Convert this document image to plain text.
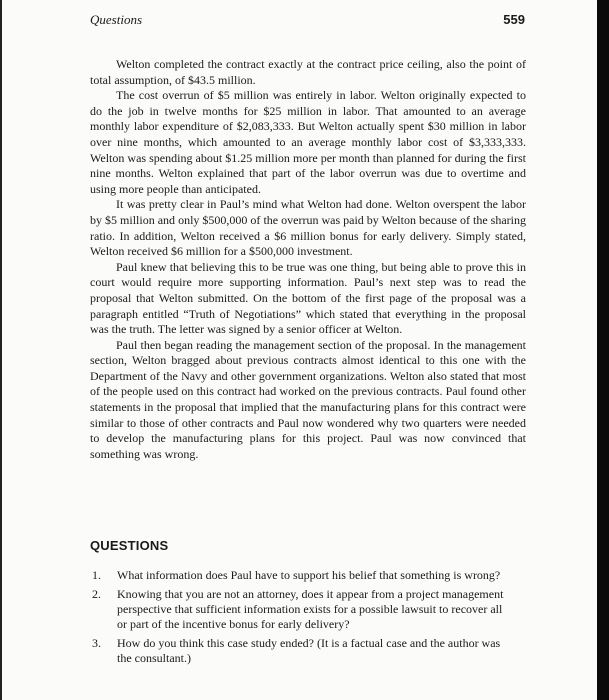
Questions	559

Welton completed the contract exactly at the contract price ceiling, also the point of total assumption, of $43.5 million.

The cost overrun of $5 million was entirely in labor. Welton originally expected to do the job in twelve months for $25 million in labor. That amounted to an average monthly labor expenditure of $2,083,333. But Welton actually spent $30 million in labor over nine months, which amounted to an average monthly labor cost of $3,333,333. Welton was spending about $1.25 million more per month than planned for during the first nine months. Welton explained that part of the labor overrun was due to overtime and using more people than anticipated.

It was pretty clear in Paul’s mind what Welton had done. Welton overspent the labor by $5 million and only $500,000 of the overrun was paid by Welton because of the sharing ratio. In addition, Welton received a $6 million bonus for early delivery. Simply stated, Welton received $6 million for a $500,000 investment.

Paul knew that believing this to be true was one thing, but being able to prove this in court would require more supporting information. Paul’s next step was to read the proposal that Welton submitted. On the bottom of the first page of the proposal was a paragraph entitled “Truth of Negotiations” which stated that everything in the proposal was the truth. The letter was signed by a senior officer at Welton.

Paul then began reading the management section of the proposal. In the management section, Welton bragged about previous contracts almost identical to this one with the Department of the Navy and other government organizations. Welton also stated that most of the people used on this contract had worked on the previous contracts. Paul found other statements in the proposal that implied that the manufacturing plans for this contract were similar to those of other contracts and Paul now wondered why two quarters were needed to develop the manufacturing plans for this project. Paul was now convinced that something was wrong.

QUESTIONS
1. What information does Paul have to support his belief that something is wrong?
2. Knowing that you are not an attorney, does it appear from a project management perspective that sufficient information exists for a possible lawsuit to recover all or part of the incentive bonus for early delivery?
3. How do you think this case study ended? (It is a factual case and the author was the consultant.)
